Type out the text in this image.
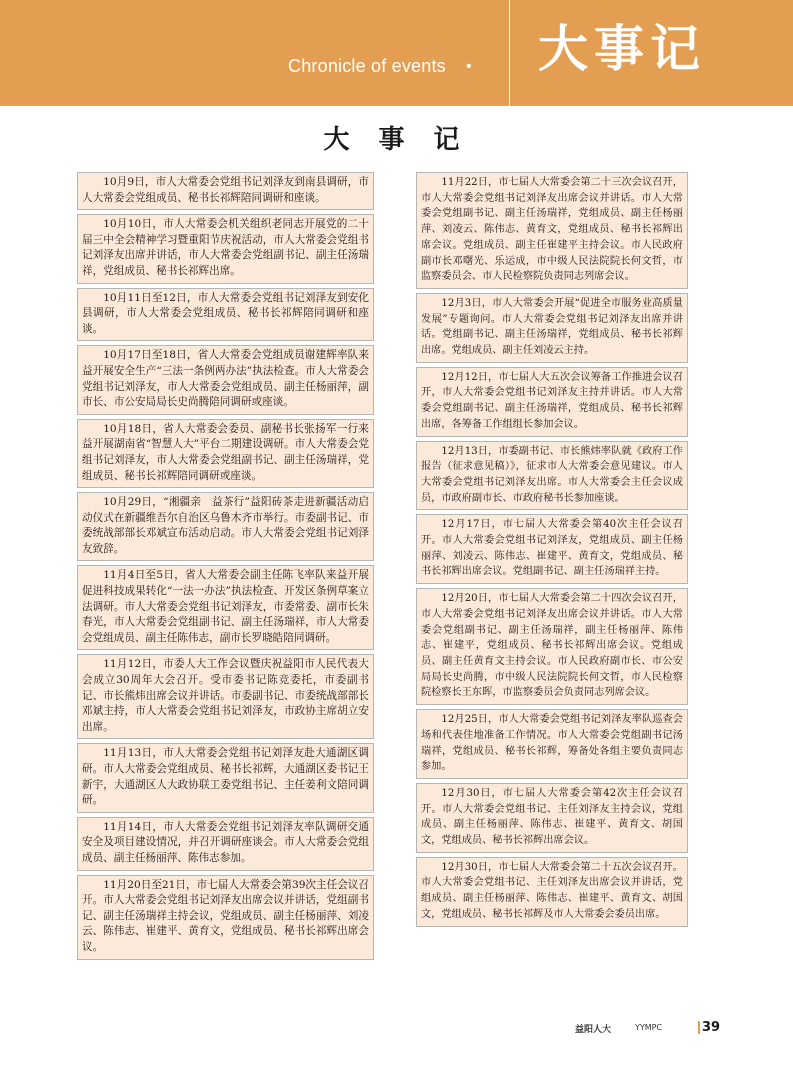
Chronicle of events • 大事记
大 事 记
10月9日，市人大常委会党组书记刘泽友到南县调研，市人大常委会党组成员、秘书长祁辉陪同调研和座谈。
10月10日，市人大常委会机关组织老同志开展党的二十届三中全会精神学习暨重阳节庆祝活动，市人大常委会党组书记刘泽友出席并讲话，市人大常委会党组副书记、副主任汤瑞祥，党组成员、秘书长祁辉出席。
10月11日至12日，市人大常委会党组书记刘泽友到安化县调研，市人大常委会党组成员、秘书长祁辉陪同调研和座谈。
10月17日至18日，省人大常委会党组成员谢建辉率队来益开展安全生产“三法一条例两办法”执法检查。市人大常委会党组书记刘泽友，市人大常委会党组成员、副主任杨丽萍，副市长、市公安局局长史尚腾陪同调研或座谈。
10月18日，省人大常委会委员、副秘书长张扬军一行来益开展湖南省“智慧人大”平台二期建设调研。市人大常委会党组书记刘泽友，市人大常委会党组副书记、副主任汤瑞祥，党组成员、秘书长祁辉陪同调研或座谈。
10月29日，“湘疆亲　益茶行”益阳砖茶走进新疆活动启动仪式在新疆维吾尔自治区乌鲁木齐市举行。市委副书记、市委统战部部长邓斌宣布活动启动。市人大常委会党组书记刘泽友致辞。
11月4日至5日，省人大常委会副主任陈飞率队来益开展促进科技成果转化“一法一办法”执法检查、开发区条例草案立法调研。市人大常委会党组书记刘泽友，市委常委、副市长朱春光，市人大常委会党组副书记、副主任汤瑞祥，市人大常委会党组成员、副主任陈伟志，副市长罗晓皓陪同调研。
11月12日，市委人大工作会议暨庆祝益阳市人民代表大会成立30周年大会召开。受市委书记陈竞委托，市委副书记、市长熊炜出席会议并讲话。市委副书记、市委统战部部长邓斌主持，市人大常委会党组书记刘泽友，市政协主席胡立安出席。
11月13日，市人大常委会党组书记刘泽友赴大通湖区调研。市人大常委会党组成员、秘书长祁辉，大通湖区委书记王新宇，大通湖区人大政协联工委党组书记、主任姜利文陪同调研。
11月14日，市人大常委会党组书记刘泽友率队调研交通安全及项目建设情况，并召开调研座谈会。市人大常委会党组成员、副主任杨丽萍、陈伟志参加。
11月20日至21日，市七届人大常委会第39次主任会议召开。市人大常委会党组书记刘泽友出席会议并讲话，党组副书记、副主任汤瑞祥主持会议，党组成员、副主任杨丽萍、刘凌云、陈伟志、崔建平、黄育文，党组成员、秘书长祁辉出席会议。
11月22日，市七届人大常委会第二十三次会议召开，市人大常委会党组书记刘泽友出席会议并讲话。市人大常委会党组副书记、副主任汤瑞祥，党组成员、副主任杨丽萍、刘凌云、陈伟志、黄育文，党组成员、秘书长祁辉出席会议。党组成员、副主任崔建平主持会议。市人民政府副市长邓曙光、乐运成，市中级人民法院院长何文哲，市监察委员会、市人民检察院负责同志列席会议。
12月3日，市人大常委会开展“促进全市服务业高质量发展”专题询问。市人大常委会党组书记刘泽友出席并讲话。党组副书记、副主任汤瑞祥，党组成员、秘书长祁辉出席。党组成员、副主任刘凌云主持。
12月12日，市七届人大五次会议筹备工作推进会议召开，市人大常委会党组书记刘泽友主持并讲话。市人大常委会党组副书记、副主任汤瑞祥，党组成员、秘书长祁辉出席，各筹备工作组组长参加会议。
12月13日，市委副书记、市长熊炜率队就《政府工作报告（征求意见稿）》，征求市人大常委会意见建议。市人大常委会党组书记刘泽友出席。市人大常委会主任会议成员，市政府副市长、市政府秘书长参加座谈。
12月17日，市七届人大常委会第40次主任会议召开。市人大常委会党组书记刘泽友，党组成员、副主任杨丽萍、刘凌云、陈伟志、崔建平、黄育文，党组成员、秘书长祁辉出席会议。党组副书记、副主任汤瑞祥主持。
12月20日，市七届人大常委会第二十四次会议召开，市人大常委会党组书记刘泽友出席会议并讲话。市人大常委会党组副书记、副主任汤瑞祥，副主任杨丽萍、陈伟志、崔建平，党组成员、秘书长祁辉出席会议。党组成员、副主任黄育文主持会议。市人民政府副市长、市公安局局长史尚腾，市中级人民法院院长何文哲，市人民检察院检察长王东晖，市监察委员会负责同志列席会议。
12月25日，市人大常委会党组书记刘泽友率队巡查会场和代表住地准备工作情况。市人大常委会党组副书记汤瑞祥，党组成员、秘书长祁辉，筹备处各组主要负责同志参加。
12月30日，市七届人大常委会第42次主任会议召开。市人大常委会党组书记、主任刘泽友主持会议，党组成员、副主任杨丽萍、陈伟志、崔建平、黄育文、胡国文，党组成员、秘书长祁辉出席会议。
12月30日，市七届人大常委会第二十五次会议召开。市人大常委会党组书记、主任刘泽友出席会议并讲话，党组成员、副主任杨丽萍、陈伟志、崔建平、黄育文、胡国文，党组成员、秘书长祁辉及市人大常委会委员出席。
益阳人大	YYMPC	39
